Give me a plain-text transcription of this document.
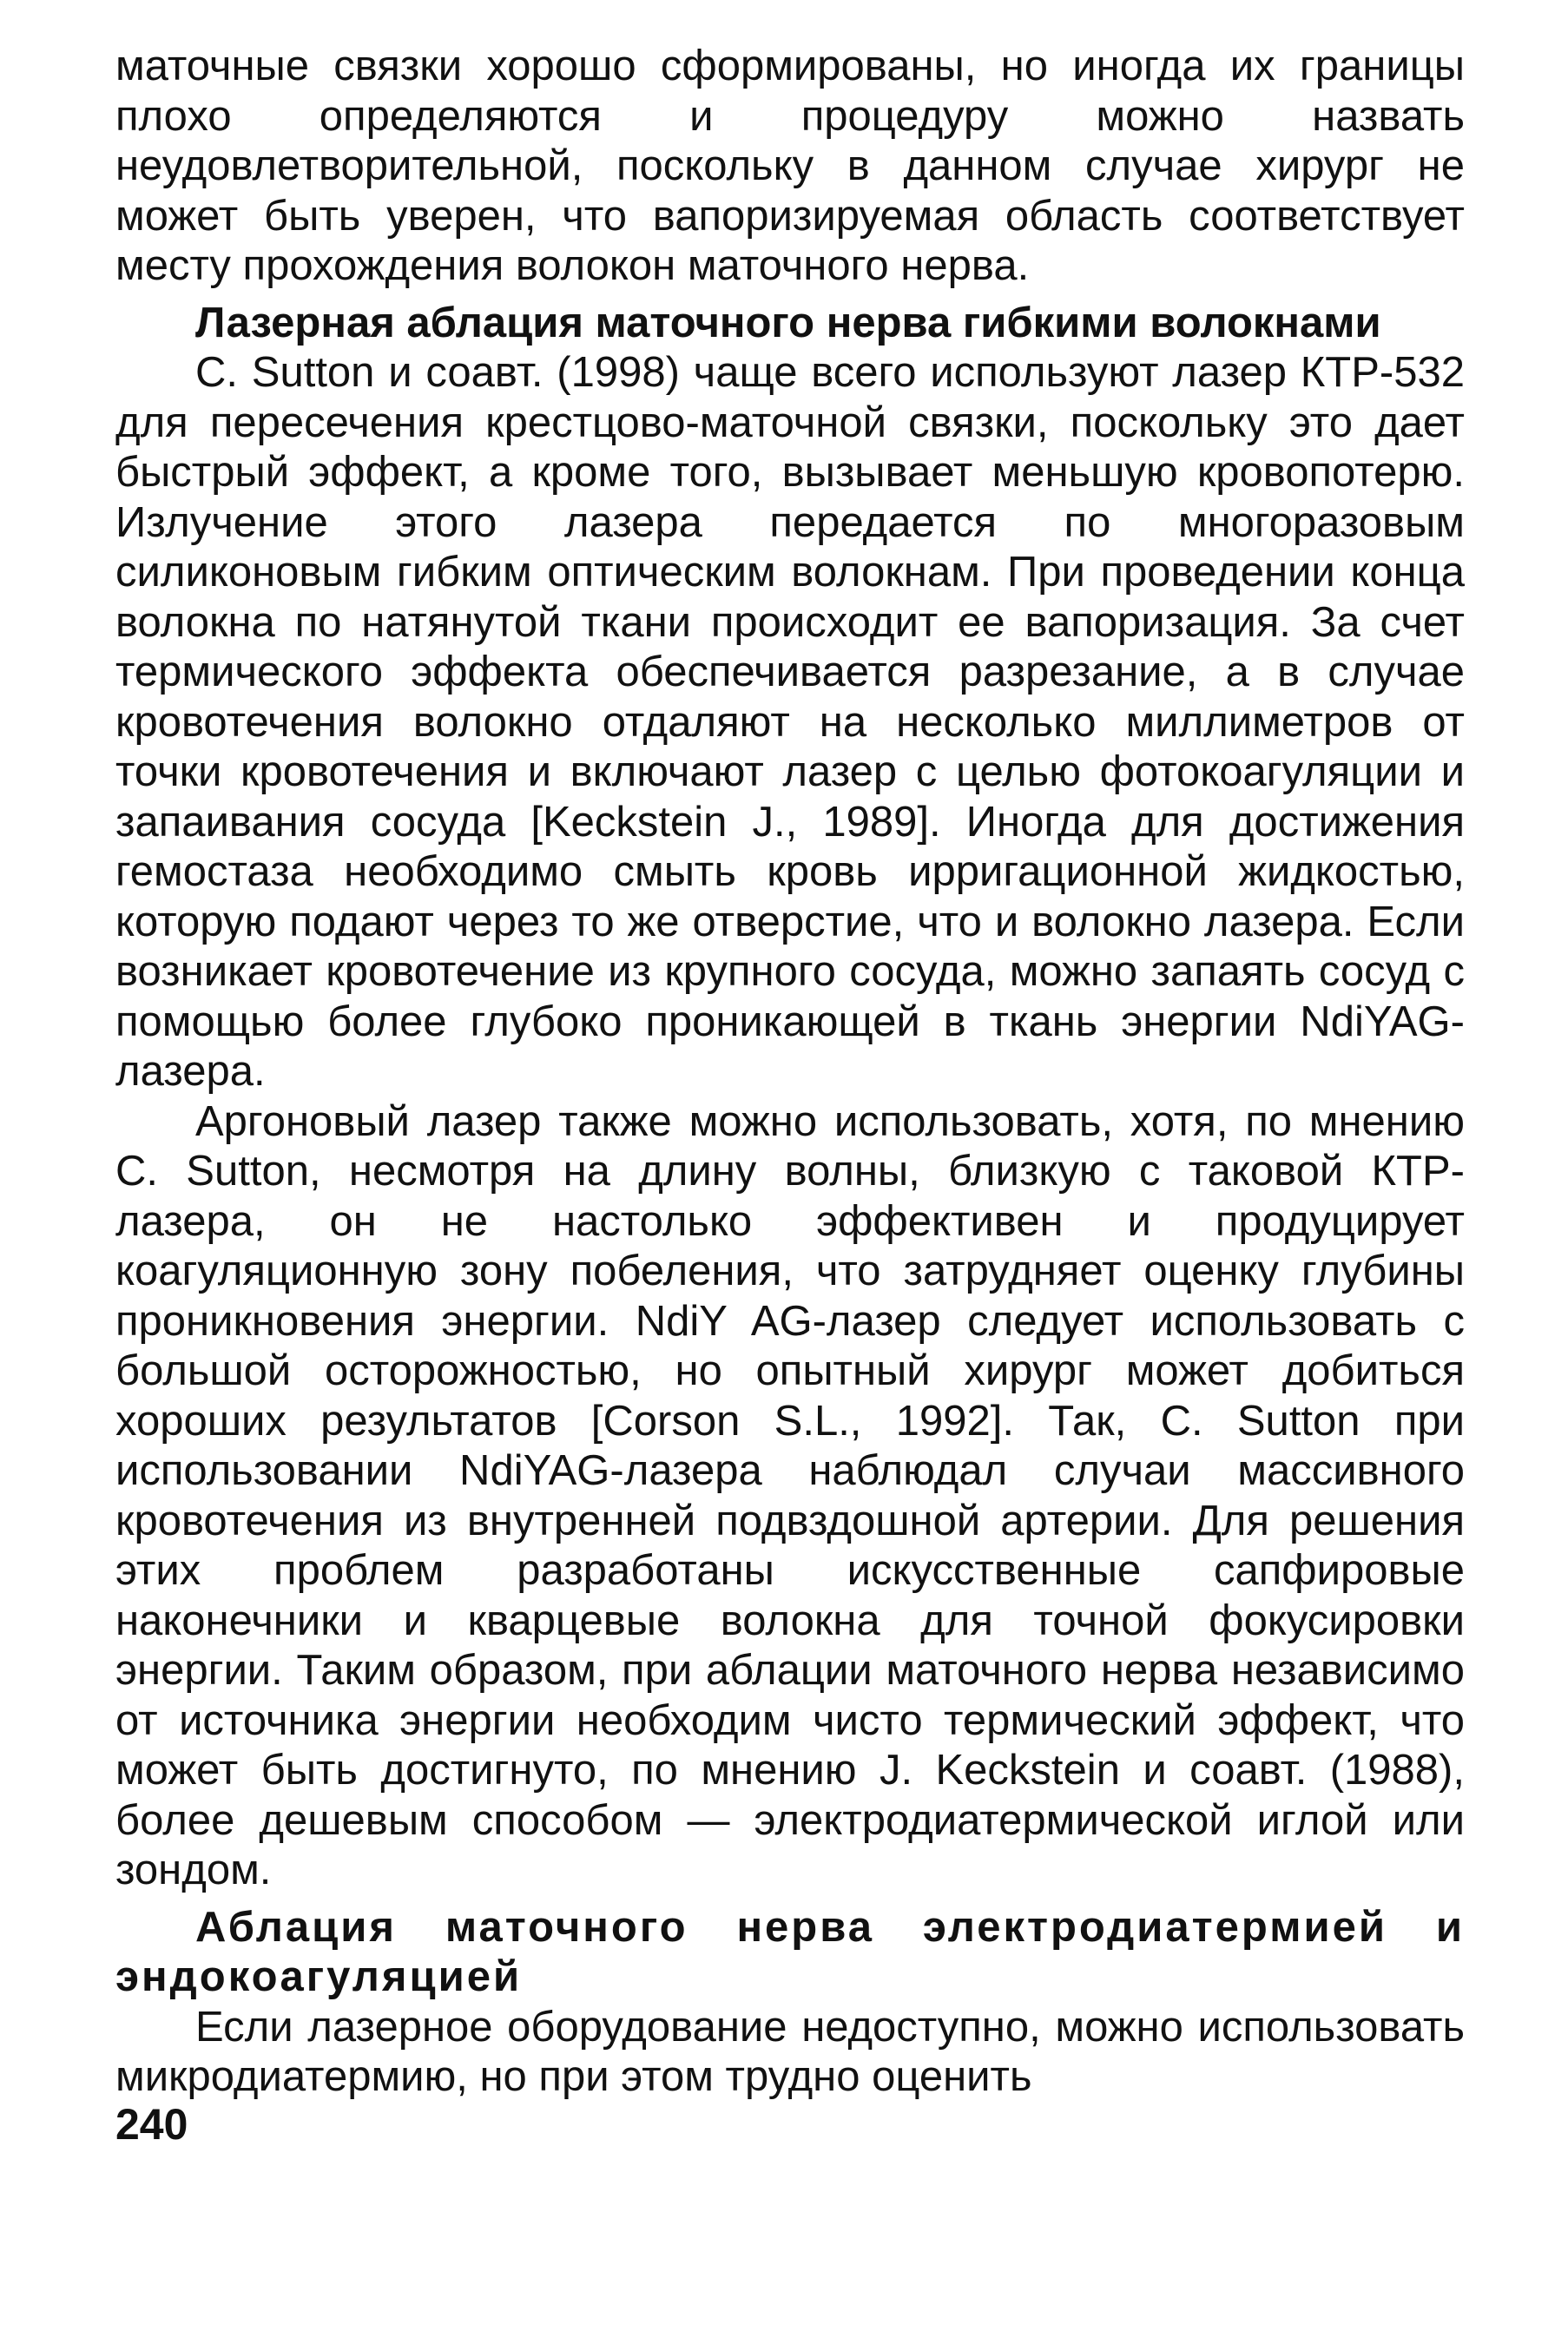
маточные связки хорошо сформированы, но иногда их границы плохо определяются и процедуру можно назвать неудовлетворительной, поскольку в данном случае хирург не может быть уверен, что вапоризируемая область соответствует месту прохождения волокон маточного нерва.

Лазерная аблация маточного нерва гибкими волокнами

C. Sutton и соавт. (1998) чаще всего используют лазер КТР-532 для пересечения крестцово-маточной связки, поскольку это дает быстрый эффект, а кроме того, вызывает меньшую кровопотерю. Излучение этого лазера передается по многоразовым силиконовым гибким оптическим волокнам. При проведении конца волокна по натянутой ткани происходит ее вапоризация. За счет термического эффекта обеспечивается разрезание, а в случае кровотечения волокно отдаляют на несколько миллиметров от точки кровотечения и включают лазер с целью фотокоагуляции и запаивания сосуда [Keckstein J., 1989]. Иногда для достижения гемостаза необходимо смыть кровь ирригационной жидкостью, которую подают через то же отверстие, что и волокно лазера. Если возникает кровотечение из крупного сосуда, можно запаять сосуд с помощью более глубоко проникающей в ткань энергии NdiYAG-лазера.

Аргоновый лазер также можно использовать, хотя, по мнению C. Sutton, несмотря на длину волны, близкую с таковой КТР-лазера, он не настолько эффективен и продуцирует коагуляционную зону побеления, что затрудняет оценку глубины проникновения энергии. NdiY AG-лазер следует использовать с большой осторожностью, но опытный хирург может добиться хороших результатов [Corson S.L., 1992]. Так, C. Sutton при использовании NdiYAG-лазера наблюдал случаи массивного кровотечения из внутренней подвздошной артерии. Для решения этих проблем разработаны искусственные сапфировые наконечники и кварцевые волокна для точной фокусировки энергии. Таким образом, при аблации маточного нерва независимо от источника энергии необходим чисто термический эффект, что может быть достигнуто, по мнению J. Keckstein и соавт. (1988), более дешевым способом — электродиатермической иглой или зондом.

Аблация маточного нерва электродиатермией и эндокоагуляцией

Если лазерное оборудование недоступно, можно использовать микродиатермию, но при этом трудно оценить

240
